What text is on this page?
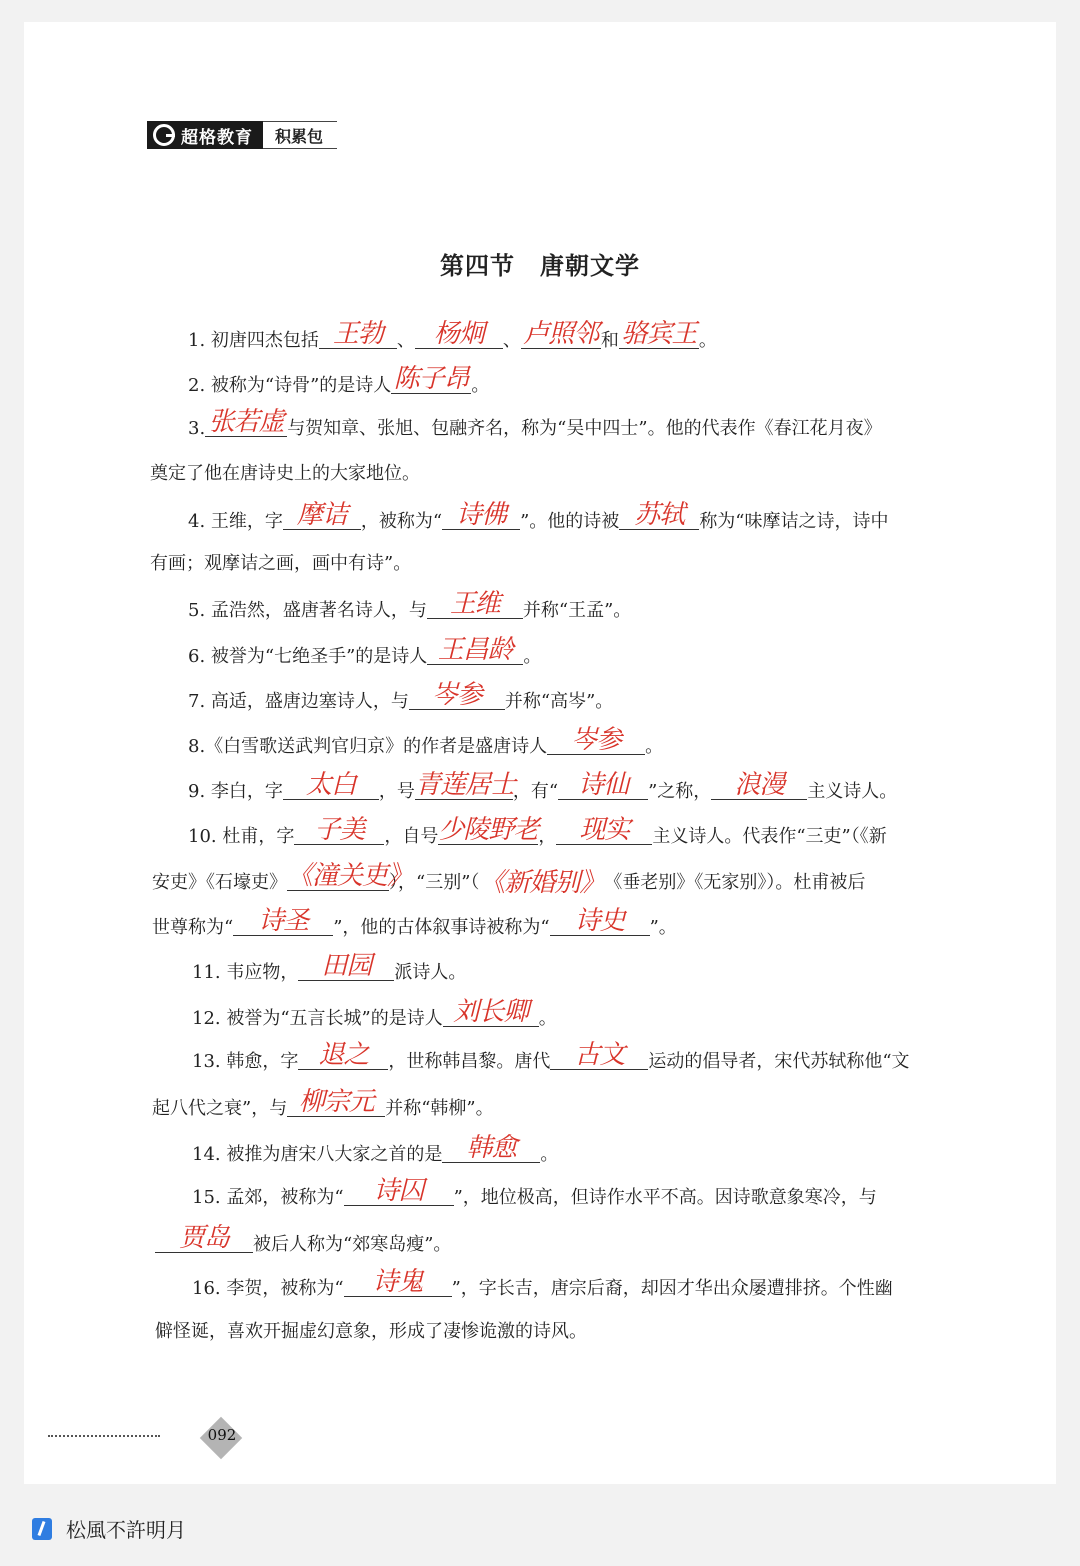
超格教育	积累包
第四节　唐朝文学
1. 初唐四杰包括 王勃 、 杨炯	、 卢照邻 和 骆宾王 。
2. 被称为“诗骨”的是诗人 陈子昂 。
3. 张若虚 与贺知章、张旭、包融齐名，称为“吴中四士”。他的代表作《春江花月夜》
奠定了他在唐诗史上的大家地位。
4. 王维，字 摩诘 ，被称为“ 诗佛 ”。他的诗被 苏轼 称为“味摩诘之诗，诗中
有画；观摩诘之画，画中有诗”。
5. 孟浩然，盛唐著名诗人，与 王维	并称“王孟”。
6. 被誉为“七绝圣手”的是诗人 王昌龄 。
7. 高适，盛唐边塞诗人，与 岑参	并称“高岑”。
8.《白雪歌送武判官归京》的作者是盛唐诗人 岑参	。
9. 李白，字 太白	，号 青莲居士
，有“ 诗仙	”之称， 浪漫	主义诗人。
10. 杜甫，字 子美	，自号 少陵野老 ， 现实	主义诗人。代表作“三吏”（《新
安吏》《石壕吏》 《潼关吏》
），“三别”（《新婚别》《垂老别》《无家别》）。杜甫被后
世尊称为“ 诗圣	”，他的古体叙事诗被称为“ 诗史	”。
11. 韦应物， 田园	派诗人。
12. 被誉为“五言长城”的是诗人 刘长卿 。
13. 韩愈，字 退之	，世称韩昌黎。唐代 古文	运动的倡导者，宋代苏轼称他“文
起八代之衰”，与 柳宗元 并称“韩柳”。
14. 被推为唐宋八大家之首的是 韩愈	。
15. 孟郊，被称为“	诗囚	”，地位极高，但诗作水平不高。因诗歌意象寒冷，与
贾岛	被后人称为“郊寒岛瘦”。
16. 李贺，被称为“	诗鬼	”，字长吉，唐宗后裔，却因才华出众屡遭排挤。个性幽
僻怪诞，喜欢开掘虚幻意象，形成了凄惨诡激的诗风。
092
松風不許明月
